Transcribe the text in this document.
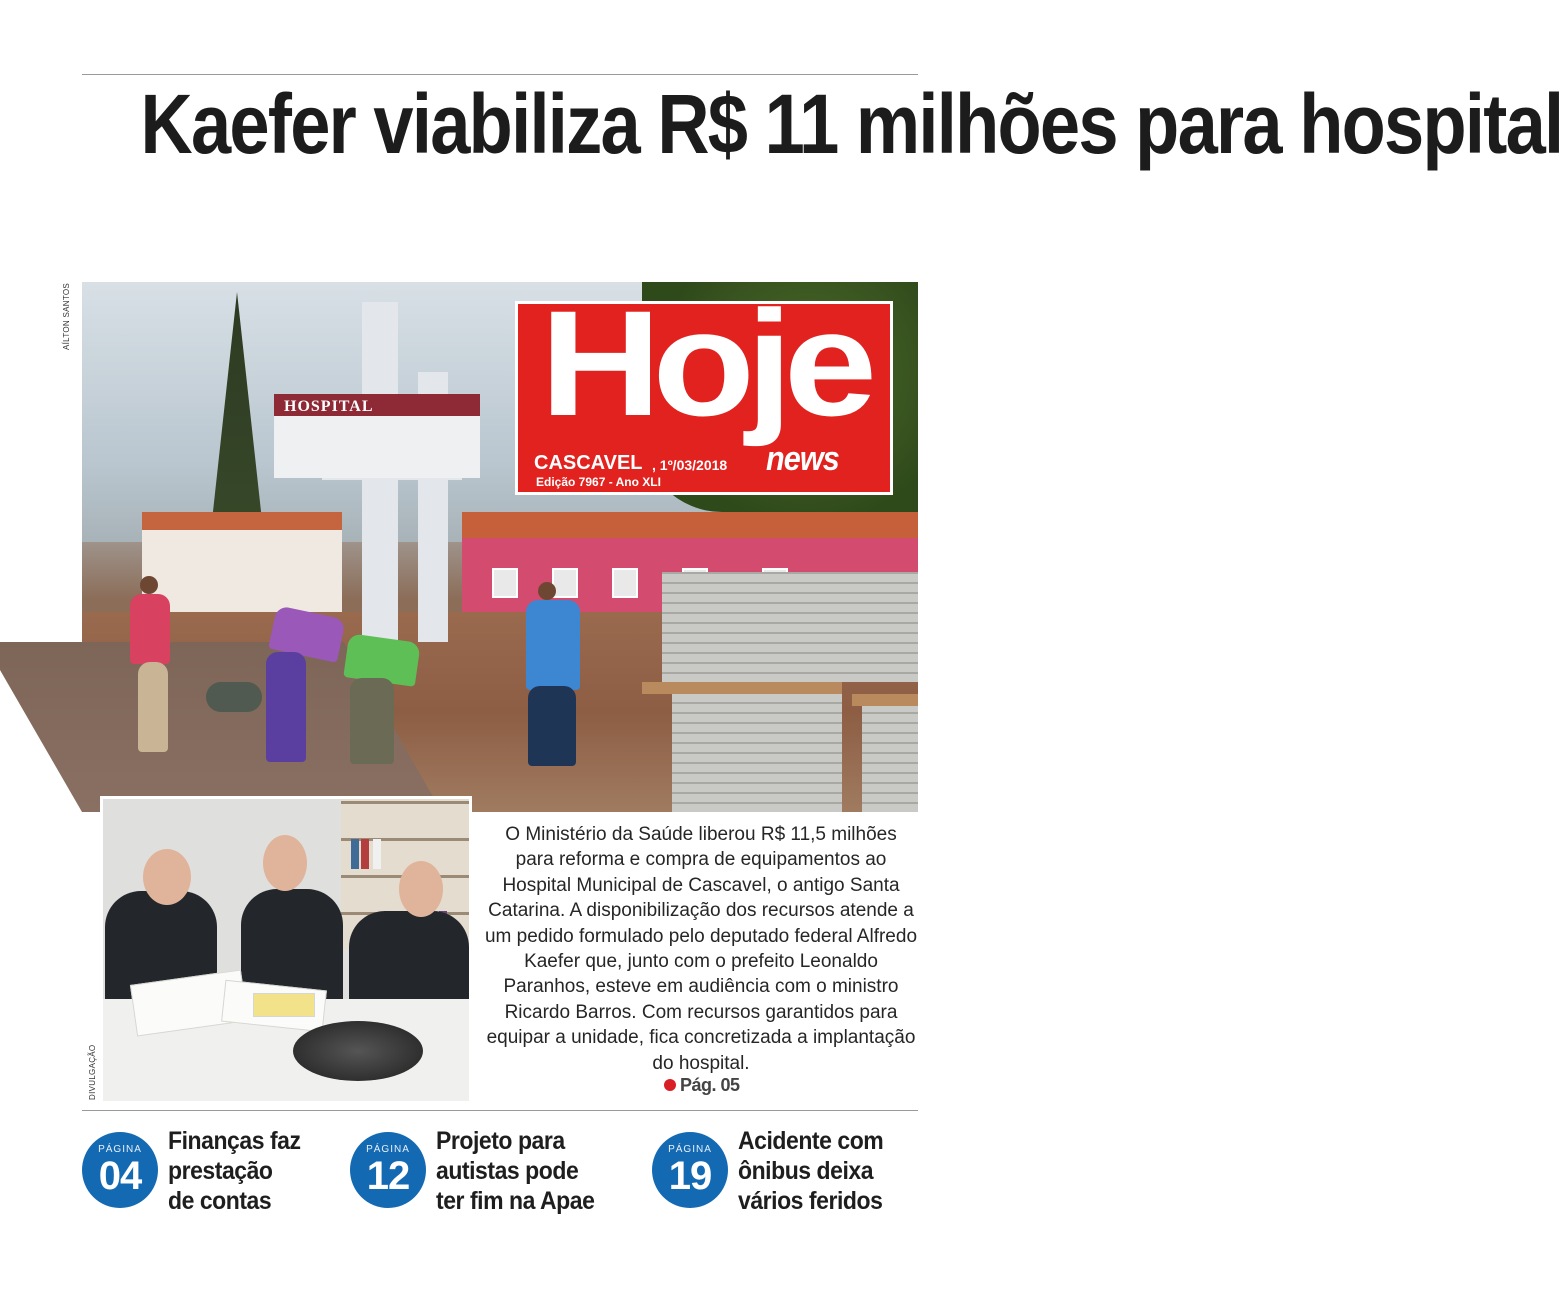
Kaefer viabiliza R$ 11 milhões para hospital
AÍLTON SANTOS
HOSPITAL Hoje
news
CASCAVEL , 1º/03/2018
Edição 7967 - Ano XLI
DIVULGAÇÃO

O Ministério da Saúde liberou R$ 11,5 milhões para reforma e compra de equipamentos ao Hospital Municipal de Cascavel, o antigo Santa Catarina. A disponibilização dos recursos atende a um pedido formulado pelo deputado federal Alfredo Kaefer que, junto com o prefeito Leonaldo Paranhos, esteve em audiência com o ministro Ricardo Barros. Com recursos garantidos para equipar a unidade, fica concretizada a implantação do hospital.

Pág. 05
PÁGINA
04
Finanças faz
prestação
de contas
PÁGINA
12
Projeto para
autistas pode
ter fim na Apae
PÁGINA
19
Acidente com
ônibus deixa
vários feridos
